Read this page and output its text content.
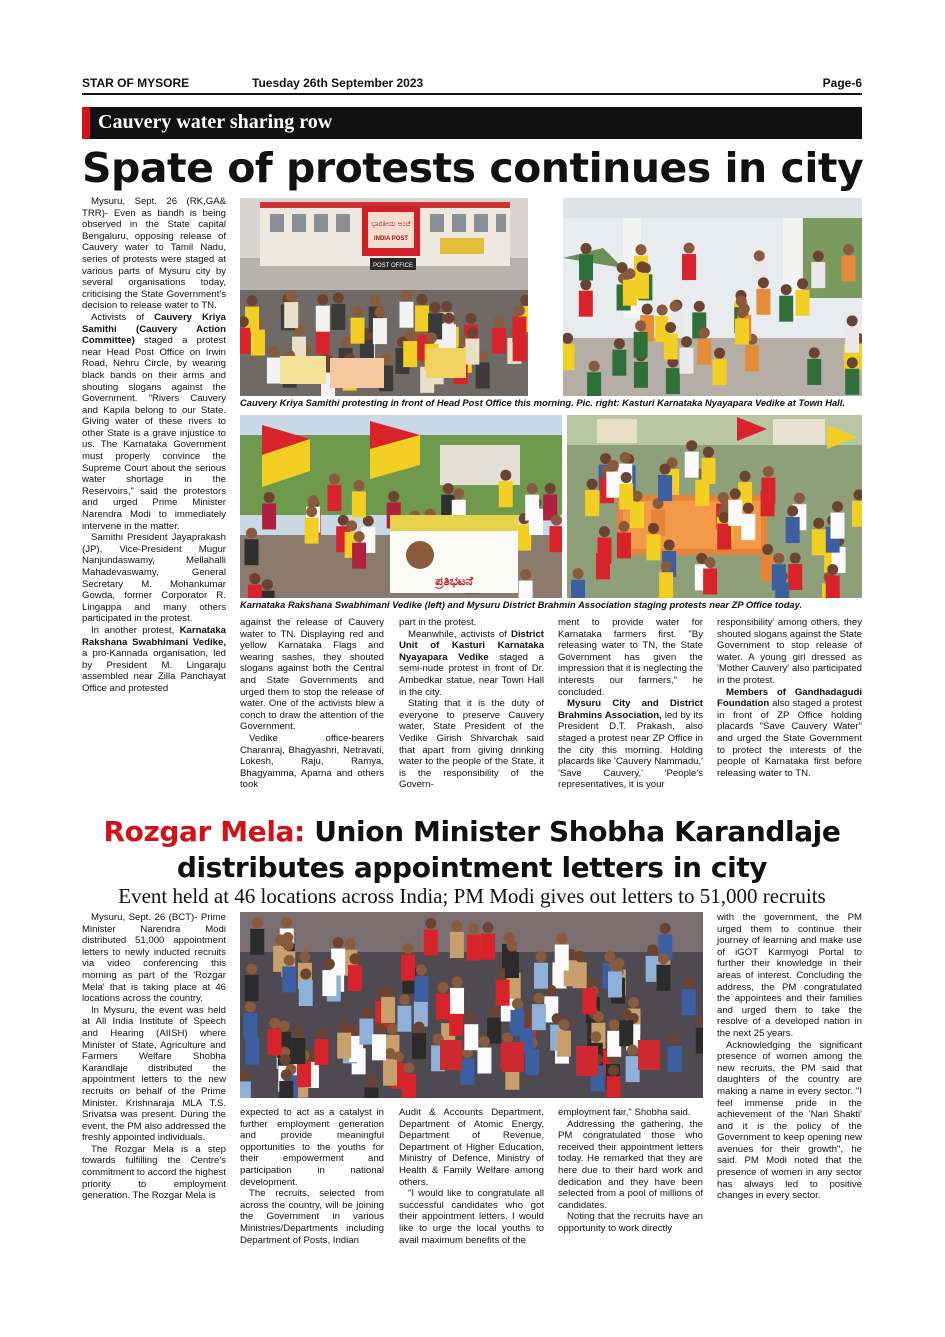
STAR OF MYSORE	Tuesday 26th September 2023	Page-6
Cauvery water sharing row
Spate of protests continues in city

Mysuru, Sept. 26 (RK,GA& TRR)- Even as bandh is being observed in the State capital Bengaluru, opposing release of Cauvery water to Tamil Nadu, series of protests were staged at various parts of Mysuru city by several organisations today, criticising the State Government's decision to release water to TN.

Activists of Cauvery Kriya Samithi (Cauvery Action Committee) staged a protest near Head Post Office on Irwin Road, Nehru Circle, by wearing black bands on their arms and shouting slogans against the Government. "Rivers Cauvery and Kapila belong to our State. Giving water of these rivers to other State is a grave injustice to us. The Karnataka Government must properly convince the Supreme Court about the serious water shortage in the Reservoirs," said the protestors and urged Prime Minister Narendra Modi to immediately intervene in the matter.

Samithi President Jayaprakash (JP), Vice-President Mugur Nanjundaswamy, Mellahalli Mahadevaswamy, General Secretary M. Mohankumar Gowda, former Corporator R. Lingappa and many others participated in the protest.

In another protest, Karnataka Rakshana Swabhimani Vedike, a pro-Kannada organisation, led by President M. Lingaraju assembled near Zilla Panchayat Office and protested

ಭಾರತೀಯ ಅಂಚೆ
INDIA POST
POST OFFICE
Cauvery Kriya Samithi protesting in front of Head Post Office this morning. Pic. right: Kasturi Karnataka Nyayapara Vedike at Town Hall.
ಪ್ರತಿಭಟನೆ
Karnataka Rakshana Swabhimani Vedike (left) and Mysuru District Brahmin Association staging protests near ZP Office today.

against the release of Cauvery water to TN. Displaying red and yellow Karnataka Flags and wearing sashes, they shouted slogans against both the Central and State Governments and urged them to stop the release of water. One of the activists blew a conch to draw the attention of the Government.

Vedike office-bearers Charanraj, Bhagyashri, Netravati, Lokesh, Raju, Ramya, Bhagyamma, Aparna and others took

part in the protest.

Meanwhile, activists of District Unit of Kasturi Karnataka Nyayapara Vedike staged a semi-nude protest in front of Dr. Ambedkar statue, near Town Hall in the city.

Stating that it is the duty of everyone to preserve Cauvery water, State President of the Vedike Girish Shivarchak said that apart from giving drinking water to the people of the State, it is the responsibility of the Govern-

ment to provide water for Karnataka farmers first. "By releasing water to TN, the State Government has given the impression that it is neglecting the interests our farmers," he concluded.

Mysuru City and District Brahmins Association, led by its President D.T. Prakash, also staged a protest near ZP Office in the city this morning. Holding placards like 'Cauvery Nammadu,' 'Save Cauvery,' 'People's representatives, it is your

responsibility' among others, they shouted slogans against the State Government to stop release of water. A young girl dressed as 'Mother Cauvery' also participated in the protest.

Members of Gandhadagudi Foundation also staged a protest in front of ZP Office holding placards "Save Cauvery Water" and urged the State Government to protect the interests of the people of Karnataka first before releasing water to TN.

Rozgar Mela: Union Minister Shobha Karandlaje
distributes appointment letters in city
Event held at 46 locations across India; PM Modi gives out letters to 51,000 recruits

Mysuru, Sept. 26 (BCT)- Prime Minister Narendra Modi distributed 51,000 appointment letters to newly inducted recruits via video conferencing this morning as part of the 'Rozgar Mela' that is taking place at 46 locations across the country.

In Mysuru, the event was held at All India Institute of Speech and Hearing (AIISH) where Minister of State, Agriculture and Farmers Welfare Shobha Karandlaje distributed the appointment letters to the new recruits on behalf of the Prime Minister. Krishnaraja MLA T.S. Srivatsa was present. During the event, the PM also addressed the freshly appointed individuals.

The Rozgar Mela is a step towards fulfilling the Centre's commitment to accord the highest priority to employment generation. The Rozgar Mela is

expected to act as a catalyst in further employment generation and provide meaningful opportunities to the youths for their empowerment and participation in national development.

The recruits, selected from across the country, will be joining the Government in various Ministries/Departments including Department of Posts, Indian

Audit & Accounts Department, Department of Atomic Energy, Department of Revenue, Department of Higher Education, Ministry of Defence, Ministry of Health & Family Welfare among others.

"I would like to congratulate all successful candidates who got their appointment letters. I would like to urge the local youths to avail maximum benefits of the

employment fair," Shobha said.

Addressing the gathering, the PM congratulated those who received their appointment letters today. He remarked that they are here due to their hard work and dedication and they have been selected from a pool of millions of candidates.

Noting that the recruits have an opportunity to work directly

with the government, the PM urged them to continue their journey of learning and make use of iGOT Karmyogi Portal to further their knowledge in their areas of interest. Concluding the address, the PM congratulated the appointees and their families and urged them to take the resolve of a developed nation in the next 25 years.

Acknowledging the significant presence of women among the new recruits, the PM said that daughters of the country are making a name in every sector. "I feel immense pride in the achievement of the 'Nari Shakti' and it is the policy of the Government to keep opening new avenues for their growth", he said. PM Modi noted that the presence of women in any sector has always led to positive changes in every sector.
